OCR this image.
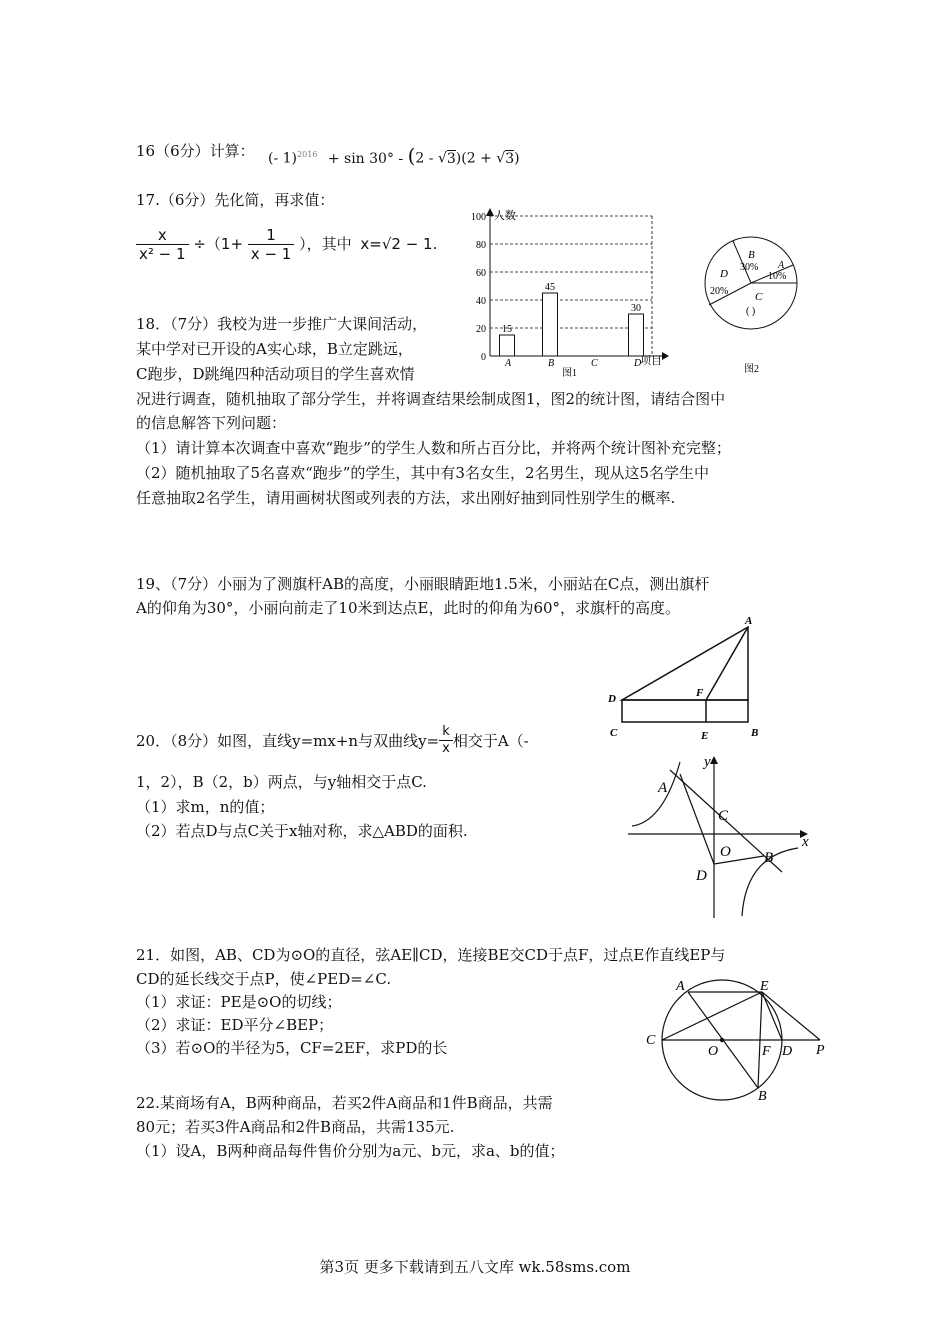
16（6分）计算： (- 1)$^{2016}$ + sin 30° - (2 - √3)(2 + √3)
17.（6分）先化简，再求值：
$\frac{x}{\text{x² − 1}} \div(1+ \frac{1}{x - 1}$ ），其中 x=√2 − 1.
18．（7分）我校为进一步推广大课间活动，
某中学对已开设的A实心球，B立定跳远，
C跑步，D跳绳四种活动项目的学生喜欢情
况进行调查，随机抽取了部分学生，并将调查结果绘制成图1，图2的统计图，请结合图中
的信息解答下列问题：
（1）请计算本次调查中喜欢“跑步”的学生人数和所占百分比，并将两个统计图补充完整；
（2）随机抽取了5名喜欢“跑步”的学生，其中有3名女生，2名男生，现从这5名学生中
任意抽取2名学生，请用画树状图或列表的方法，求出刚好抽到同性别学生的概率.
0
20
40
60
80
100
15
A
45
B	C
30
D
人数
项目
图1
B
30% A
10%
D
20% C
( )
图2
19、（7分）小丽为了测旗杆AB的高度，小丽眼睛距地1.5米，小丽站在C点，测出旗杆
A的仰角为30°，小丽向前走了10米到达点E，此时的仰角为60°，求旗杆的高度。
A
D	F
C	E	B
20．（8分）如图，直线y=mx+n与双曲线$y= \frac{k}{x}$ 相交于A（-
1，2），B（2，b）两点，与y轴相交于点C.
（1）求m，n的值；
（2）若点D与点C关于x轴对称，求△ABD的面积.
A
C
O B
D
x
y
21．如图，AB、CD为⊙O的直径，弦AE∥CD，连接BE交CD于点F，过点E作直线EP与
CD的延长线交于点P，使∠PED=∠C.
（1）求证：PE是⊙O的切线；
（2）求证：ED平分∠BEP；
（3）若⊙O的半径为5，CF=2EF，求PD的长
A	E
C
O	F D P
B
22.某商场有A，B两种商品，若买2件A商品和1件B商品，共需
80元；若买3件A商品和2件B商品，共需135元.
（1）设A，B两种商品每件售价分别为a元、b元，求a、b的值；
第3页 更多下载请到五八文库 wk.58sms.com
